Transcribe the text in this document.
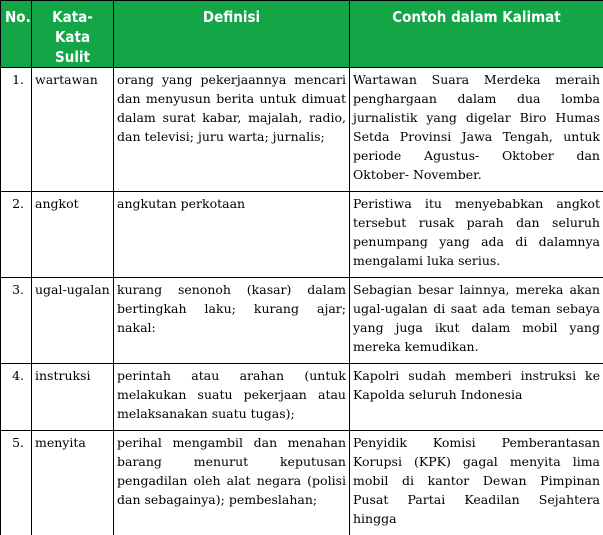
No.	Kata-Kata Sulit	Definisi	Contoh dalam Kalimat
1.	wartawan	orang yang pekerjaannya mencari dan menyusun berita untuk dimuat dalam surat kabar, majalah, radio, dan televisi; juru warta; jurnalis;	Wartawan Suara Merdeka meraih penghargaan dalam dua lomba jurnalistik yang digelar Biro Humas Setda Provinsi Jawa Tengah, untuk periode Agustus- Oktober dan Oktober- November.
2.	angkot	angkutan perkotaan	Peristiwa itu menyebabkan angkot tersebut rusak parah dan seluruh penumpang yang ada di dalamnya mengalami luka serius.
3.	ugal-ugalan	kurang senonoh (kasar) dalam bertingkah laku; kurang ajar; nakal:	Sebagian besar lainnya, mereka akan ugal-ugalan di saat ada teman sebaya yang juga ikut dalam mobil yang mereka kemudikan.
4.	instruksi	perintah atau arahan (untuk melakukan suatu pekerjaan atau melaksanakan suatu tugas);	Kapolri sudah memberi instruksi ke Kapolda seluruh Indonesia
5.	menyita	perihal mengambil dan menahan barang menurut keputusan pengadilan oleh alat negara (polisi dan sebagainya); pembeslahan;	Penyidik Komisi Pemberantasan Korupsi (KPK) gagal menyita lima mobil di kantor Dewan Pimpinan Pusat Partai Keadilan Sejahtera hingga
